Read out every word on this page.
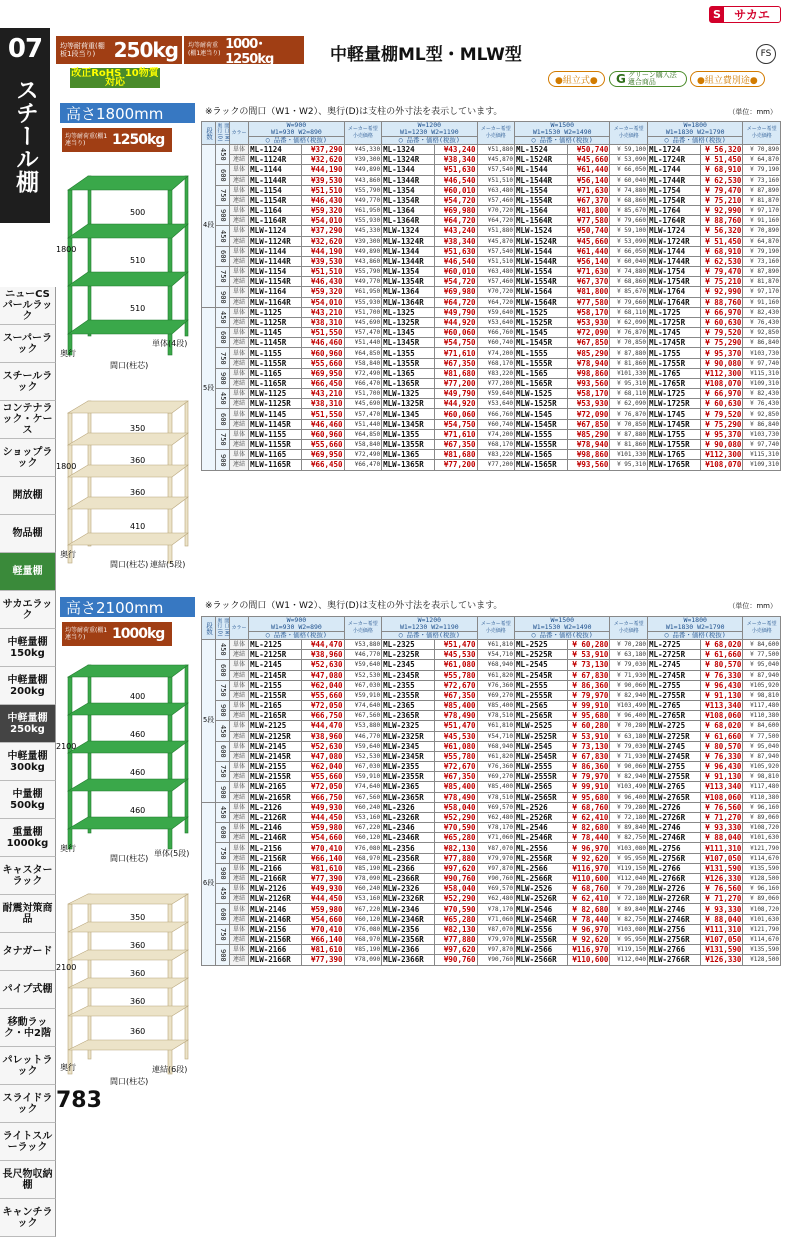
07
スチール棚
ニューCS パールラック
スーパーラック
スチールラック
コンテナラック・ケース
ショップラック
開放棚
物品棚
軽量棚
サカエラック
中軽量棚 150kg
中軽量棚 200kg
中軽量棚 250kg
中軽量棚 300kg
中量棚 500kg
重量棚 1000kg
キャスターラック
耐震対策商品
タナガード
パイプ式棚
移動ラック・中2階
パレットラック
スライドラック
ライトスルーラック
長尺物収納棚
キャンチラック
S	サカエ
均等耐荷重(棚板1段当り) 250kg 均等耐荷重(棚1連当り)
1000･1250kg	中軽量棚ML型・MLW型	FS
改正RoHS 10物質対応	●組立式●	G グリーン購入法適合商品	●組立費別途●
高さ1800mm	※ラックの間口（W1・W2）、奥行(D)は支柱の外寸法を表示しています。	（単位：mm）
均等耐荷重(棚1連当り)	1250kg
500
510
510
1800
間口(柱芯)
奥行
単体(4段)
350
360
360
410
1800
間口(柱芯)
奥行
連結(5段)
段数	間口(W)
奥行(D)	カラー	W=900
W1=930 W2=890		メーカー希望小売価格	W=1200
W1=1230 W2=1190		メーカー希望小売価格	W=1500
W1=1530 W2=1490		メーカー希望小売価格	W=1800
W1=1830 W2=1790		メーカー希望小売価格
			◯ 品番・価格(税抜)			◯ 品番・価格(税抜)			◯ 品番・価格(税抜)			◯ 品番・価格(税抜)		
4段	450	単体	ML-1124	¥37,290	¥45,330	ML-1324	¥43,240	¥51,880	ML-1524	¥50,740	¥ 59,100	ML-1724	¥ 56,320	¥ 70,890
		連結	ML-1124R	¥32,620	¥39,300	ML-1324R	¥38,340	¥45,870	ML-1524R	¥45,660	¥ 53,090	ML-1724R	¥ 51,450	¥ 64,870
	600	単体	ML-1144	¥44,190	¥49,890	ML-1344	¥51,630	¥57,540	ML-1544	¥61,440	¥ 66,050	ML-1744	¥ 68,910	¥ 79,190
		連結	ML-1144R	¥39,530	¥43,860	ML-1344R	¥46,540	¥51,510	ML-1544R	¥56,140	¥ 60,040	ML-1744R	¥ 62,530	¥ 73,160
	750	単体	ML-1154	¥51,510	¥55,790	ML-1354	¥60,010	¥63,480	ML-1554	¥71,630	¥ 74,880	ML-1754	¥ 79,470	¥ 87,890
		連結	ML-1154R	¥46,430	¥49,770	ML-1354R	¥54,720	¥57,460	ML-1554R	¥67,370	¥ 68,860	ML-1754R	¥ 75,210	¥ 81,870
	900	単体	ML-1164	¥59,320	¥61,950	ML-1364	¥69,980	¥70,720	ML-1564	¥81,800	¥ 85,670	ML-1764	¥ 92,990	¥ 97,170
		連結	ML-1164R	¥54,010	¥55,930	ML-1364R	¥64,720	¥64,720	ML-1564R	¥77,580	¥ 79,660	ML-1764R	¥ 88,760	¥ 91,160
	450	単体	MLW-1124	¥37,290	¥45,330	MLW-1324	¥43,240	¥51,880	MLW-1524	¥50,740	¥ 59,100	MLW-1724	¥ 56,320	¥ 70,890
		連結	MLW-1124R	¥32,620	¥39,300	MLW-1324R	¥38,340	¥45,870	MLW-1524R	¥45,660	¥ 53,090	MLW-1724R	¥ 51,450	¥ 64,870
	600	単体	MLW-1144	¥44,190	¥49,890	MLW-1344	¥51,630	¥57,540	MLW-1544	¥61,440	¥ 66,050	MLW-1744	¥ 68,910	¥ 79,190
		連結	MLW-1144R	¥39,530	¥43,860	MLW-1344R	¥46,540	¥51,510	MLW-1544R	¥56,140	¥ 60,040	MLW-1744R	¥ 62,530	¥ 73,160
	750	単体	MLW-1154	¥51,510	¥55,790	MLW-1354	¥60,010	¥63,480	MLW-1554	¥71,630	¥ 74,880	MLW-1754	¥ 79,470	¥ 87,890
		連結	MLW-1154R	¥46,430	¥49,770	MLW-1354R	¥54,720	¥57,460	MLW-1554R	¥67,370	¥ 68,860	MLW-1754R	¥ 75,210	¥ 81,870
	900	単体	MLW-1164	¥59,320	¥61,950	MLW-1364	¥69,980	¥70,720	MLW-1564	¥81,800	¥ 85,670	MLW-1764	¥ 92,990	¥ 97,170
		連結	MLW-1164R	¥54,010	¥55,930	MLW-1364R	¥64,720	¥64,720	MLW-1564R	¥77,580	¥ 79,660	MLW-1764R	¥ 88,760	¥ 91,160
5段	450	単体	ML-1125	¥43,210	¥51,700	ML-1325	¥49,790	¥59,640	ML-1525	¥58,170	¥ 68,110	ML-1725	¥ 66,970	¥ 82,430
		連結	ML-1125R	¥38,310	¥45,690	ML-1325R	¥44,920	¥53,640	ML-1525R	¥53,930	¥ 62,090	ML-1725R	¥ 60,630	¥ 76,430
	600	単体	ML-1145	¥51,550	¥57,470	ML-1345	¥60,060	¥66,760	ML-1545	¥72,090	¥ 76,870	ML-1745	¥ 79,520	¥ 92,850
		連結	ML-1145R	¥46,460	¥51,440	ML-1345R	¥54,750	¥60,740	ML-1545R	¥67,850	¥ 70,850	ML-1745R	¥ 75,290	¥ 86,840
	750	単体	ML-1155	¥60,960	¥64,850	ML-1355	¥71,610	¥74,200	ML-1555	¥85,290	¥ 87,880	ML-1755	¥ 95,370	¥103,730
		連結	ML-1155R	¥55,660	¥58,840	ML-1355R	¥67,350	¥68,170	ML-1555R	¥78,940	¥ 81,860	ML-1755R	¥ 90,080	¥ 97,740
	900	単体	ML-1165	¥69,950	¥72,490	ML-1365	¥81,680	¥83,220	ML-1565	¥98,860	¥101,330	ML-1765	¥112,300	¥115,310
		連結	ML-1165R	¥66,450	¥66,470	ML-1365R	¥77,200	¥77,200	ML-1565R	¥93,560	¥ 95,310	ML-1765R	¥108,070	¥109,310
	450	単体	MLW-1125	¥43,210	¥51,700	MLW-1325	¥49,790	¥59,640	MLW-1525	¥58,170	¥ 68,110	MLW-1725	¥ 66,970	¥ 82,430
		連結	MLW-1125R	¥38,310	¥45,690	MLW-1325R	¥44,920	¥53,640	MLW-1525R	¥53,930	¥ 62,090	MLW-1725R	¥ 60,630	¥ 76,430
	600	単体	MLW-1145	¥51,550	¥57,470	MLW-1345	¥60,060	¥66,760	MLW-1545	¥72,090	¥ 76,870	MLW-1745	¥ 79,520	¥ 92,850
		連結	MLW-1145R	¥46,460	¥51,440	MLW-1345R	¥54,750	¥60,740	MLW-1545R	¥67,850	¥ 70,850	MLW-1745R	¥ 75,290	¥ 86,840
	750	単体	MLW-1155	¥60,960	¥64,850	MLW-1355	¥71,610	¥74,200	MLW-1555	¥85,290	¥ 87,880	MLW-1755	¥ 95,370	¥103,730
		連結	MLW-1155R	¥55,660	¥58,840	MLW-1355R	¥67,350	¥68,170	MLW-1555R	¥78,940	¥ 81,860	MLW-1755R	¥ 90,080	¥ 97,740
	900	単体	MLW-1165	¥69,950	¥72,490	MLW-1365	¥81,680	¥83,220	MLW-1565	¥98,860	¥101,330	MLW-1765	¥112,300	¥115,310
		連結	MLW-1165R	¥66,450	¥66,470	MLW-1365R	¥77,200	¥77,200	MLW-1565R	¥93,560	¥ 95,310	MLW-1765R	¥108,070	¥109,310
高さ2100mm	※ラックの間口（W1・W2）、奥行(D)は支柱の外寸法を表示しています。	（単位：mm）
均等耐荷重(棚1連当り)	1000kg
400
460
460
460
2100
間口(柱芯)
奥行
単体(5段)
350
360
360
360
360
2100
間口(柱芯)
奥行	連結(6段)
段数	間口(W)
奥行(D)	カラー	W=900
W1=930 W2=890		メーカー希望小売価格	W=1200
W1=1230 W2=1190		メーカー希望小売価格	W=1500
W1=1530 W2=1490		メーカー希望小売価格	W=1800
W1=1830 W2=1790		メーカー希望小売価格
			◯ 品番・価格(税抜)			◯ 品番・価格(税抜)			◯ 品番・価格(税抜)			◯ 品番・価格(税抜)		
5段	450	単体	ML-2125	¥44,470	¥53,880	ML-2325	¥51,470	¥61,810	ML-2525	¥ 60,280	¥ 70,280	ML-2725	¥ 68,020	¥ 84,600
		連結	ML-2125R	¥38,960	¥46,770	ML-2325R	¥45,530	¥54,710	ML-2525R	¥ 53,910	¥ 63,180	ML-2725R	¥ 61,660	¥ 77,500
	600	単体	ML-2145	¥52,630	¥59,640	ML-2345	¥61,080	¥68,940	ML-2545	¥ 73,130	¥ 79,030	ML-2745	¥ 80,570	¥ 95,040
		連結	ML-2145R	¥47,080	¥52,530	ML-2345R	¥55,780	¥61,820	ML-2545R	¥ 67,830	¥ 71,930	ML-2745R	¥ 76,330	¥ 87,940
	750	単体	ML-2155	¥62,040	¥67,030	ML-2355	¥72,670	¥76,360	ML-2555	¥ 86,360	¥ 90,060	ML-2755	¥ 96,430	¥105,920
		連結	ML-2155R	¥55,660	¥59,910	ML-2355R	¥67,350	¥69,270	ML-2555R	¥ 79,970	¥ 82,940	ML-2755R	¥ 91,130	¥ 98,810
	900	単体	ML-2165	¥72,050	¥74,640	ML-2365	¥85,400	¥85,400	ML-2565	¥ 99,910	¥103,490	ML-2765	¥113,340	¥117,480
		連結	ML-2165R	¥66,750	¥67,560	ML-2365R	¥78,490	¥78,510	ML-2565R	¥ 95,680	¥ 96,400	ML-2765R	¥108,060	¥110,380
	450	単体	MLW-2125	¥44,470	¥53,880	MLW-2325	¥51,470	¥61,810	MLW-2525	¥ 60,280	¥ 70,280	MLW-2725	¥ 68,020	¥ 84,600
		連結	MLW-2125R	¥38,960	¥46,770	MLW-2325R	¥45,530	¥54,710	MLW-2525R	¥ 53,910	¥ 63,180	MLW-2725R	¥ 61,660	¥ 77,500
	600	単体	MLW-2145	¥52,630	¥59,640	MLW-2345	¥61,080	¥68,940	MLW-2545	¥ 73,130	¥ 79,030	MLW-2745	¥ 80,570	¥ 95,040
		連結	MLW-2145R	¥47,080	¥52,530	MLW-2345R	¥55,780	¥61,820	MLW-2545R	¥ 67,830	¥ 71,930	MLW-2745R	¥ 76,330	¥ 87,940
	750	単体	MLW-2155	¥62,040	¥67,030	MLW-2355	¥72,670	¥76,360	MLW-2555	¥ 86,360	¥ 90,060	MLW-2755	¥ 96,430	¥105,920
		連結	MLW-2155R	¥55,660	¥59,910	MLW-2355R	¥67,350	¥69,270	MLW-2555R	¥ 79,970	¥ 82,940	MLW-2755R	¥ 91,130	¥ 98,810
	900	単体	MLW-2165	¥72,050	¥74,640	MLW-2365	¥85,400	¥85,400	MLW-2565	¥ 99,910	¥103,490	MLW-2765	¥113,340	¥117,480
		連結	MLW-2165R	¥66,750	¥67,560	MLW-2365R	¥78,490	¥78,510	MLW-2565R	¥ 95,680	¥ 96,400	MLW-2765R	¥108,060	¥110,380
6段	450	単体	ML-2126	¥49,930	¥60,240	ML-2326	¥58,040	¥69,570	ML-2526	¥ 68,760	¥ 79,280	ML-2726	¥ 76,560	¥ 96,160
		連結	ML-2126R	¥44,450	¥53,160	ML-2326R	¥52,290	¥62,480	ML-2526R	¥ 62,410	¥ 72,180	ML-2726R	¥ 71,270	¥ 89,060
	600	単体	ML-2146	¥59,980	¥67,220	ML-2346	¥70,590	¥78,170	ML-2546	¥ 82,680	¥ 89,840	ML-2746	¥ 93,330	¥108,720
		連結	ML-2146R	¥54,660	¥60,120	ML-2346R	¥65,280	¥71,060	ML-2546R	¥ 78,440	¥ 82,750	ML-2746R	¥ 88,040	¥101,630
	750	単体	ML-2156	¥70,410	¥76,080	ML-2356	¥82,130	¥87,070	ML-2556	¥ 96,970	¥103,080	ML-2756	¥111,310	¥121,790
		連結	ML-2156R	¥66,140	¥68,970	ML-2356R	¥77,880	¥79,970	ML-2556R	¥ 92,620	¥ 95,950	ML-2756R	¥107,050	¥114,670
	900	単体	ML-2166	¥81,610	¥85,190	ML-2366	¥97,620	¥97,870	ML-2566	¥116,970	¥119,150	ML-2766	¥131,590	¥135,590
		連結	ML-2166R	¥77,390	¥78,090	ML-2366R	¥90,760	¥90,760	ML-2566R	¥110,600	¥112,040	ML-2766R	¥126,330	¥128,500
	450	単体	MLW-2126	¥49,930	¥60,240	MLW-2326	¥58,040	¥69,570	MLW-2526	¥ 68,760	¥ 79,280	MLW-2726	¥ 76,560	¥ 96,160
		連結	MLW-2126R	¥44,450	¥53,160	MLW-2326R	¥52,290	¥62,480	MLW-2526R	¥ 62,410	¥ 72,180	MLW-2726R	¥ 71,270	¥ 89,060
	600	単体	MLW-2146	¥59,980	¥67,220	MLW-2346	¥70,590	¥78,170	MLW-2546	¥ 82,680	¥ 89,840	MLW-2746	¥ 93,330	¥108,720
		連結	MLW-2146R	¥54,660	¥60,120	MLW-2346R	¥65,280	¥71,060	MLW-2546R	¥ 78,440	¥ 82,750	MLW-2746R	¥ 88,040	¥101,630
	750	単体	MLW-2156	¥70,410	¥76,080	MLW-2356	¥82,130	¥87,070	MLW-2556	¥ 96,970	¥103,080	MLW-2756	¥111,310	¥121,790
		連結	MLW-2156R	¥66,140	¥68,970	MLW-2356R	¥77,880	¥79,970	MLW-2556R	¥ 92,620	¥ 95,950	MLW-2756R	¥107,050	¥114,670
	900	単体	MLW-2166	¥81,610	¥85,190	MLW-2366	¥97,620	¥97,870	MLW-2566	¥116,970	¥119,150	MLW-2766	¥131,590	¥135,590
		連結	MLW-2166R	¥77,390	¥78,090	MLW-2366R	¥90,760	¥90,760	MLW-2566R	¥110,600	¥112,040	MLW-2766R	¥126,330	¥128,500
783
